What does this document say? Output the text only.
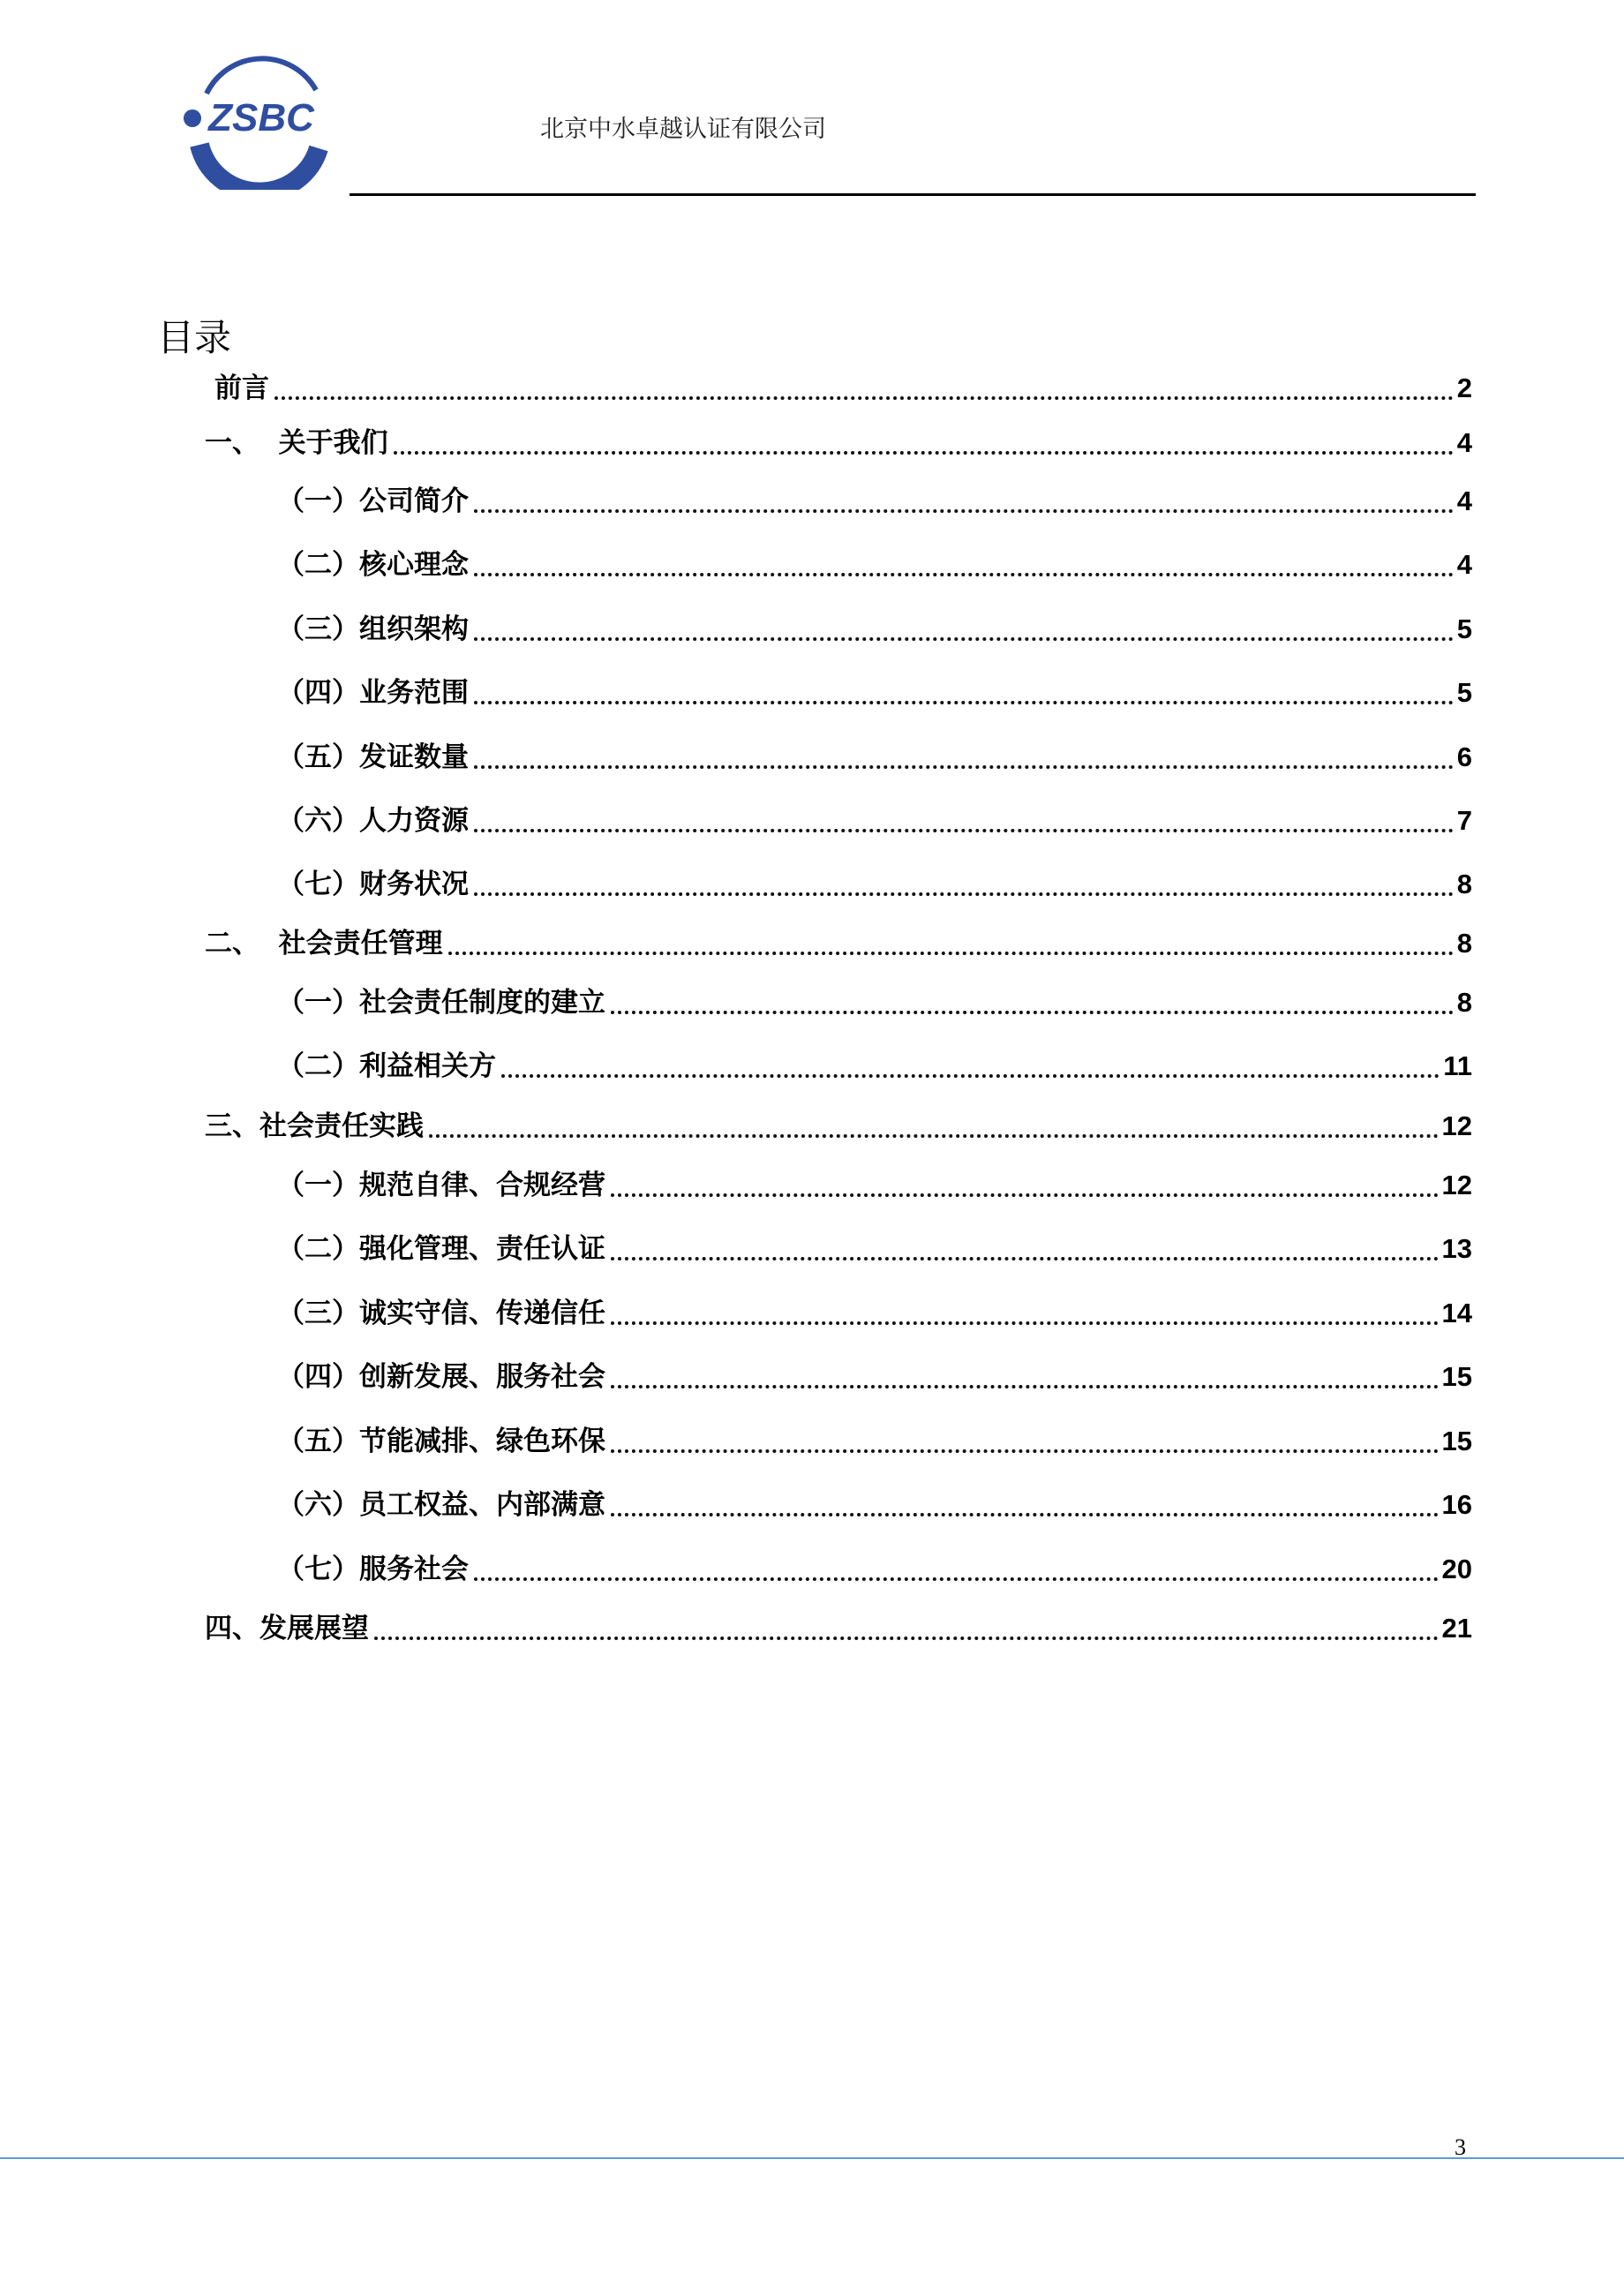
ZSBC	北京中水卓越认证有限公司
目录
前言	2
一、 关于我们	4
（一） 公司简介	4
（二） 核心理念	4
（三） 组织架构	5
（四） 业务范围	5
（五） 发证数量	6
（六） 人力资源	7
（七） 财务状况	8
二、 社会责任管理	8
（一） 社会责任制度的建立	8
（二） 利益相关方	11
三、 社会责任实践	12
（一） 规范自律、合规经营	12
（二） 强化管理、责任认证	13
（三） 诚实守信、传递信任	14
（四） 创新发展、服务社会	15
（五） 节能减排、绿色环保	15
（六） 员工权益、内部满意	16
（七） 服务社会	20
四、 发展展望	21
3
